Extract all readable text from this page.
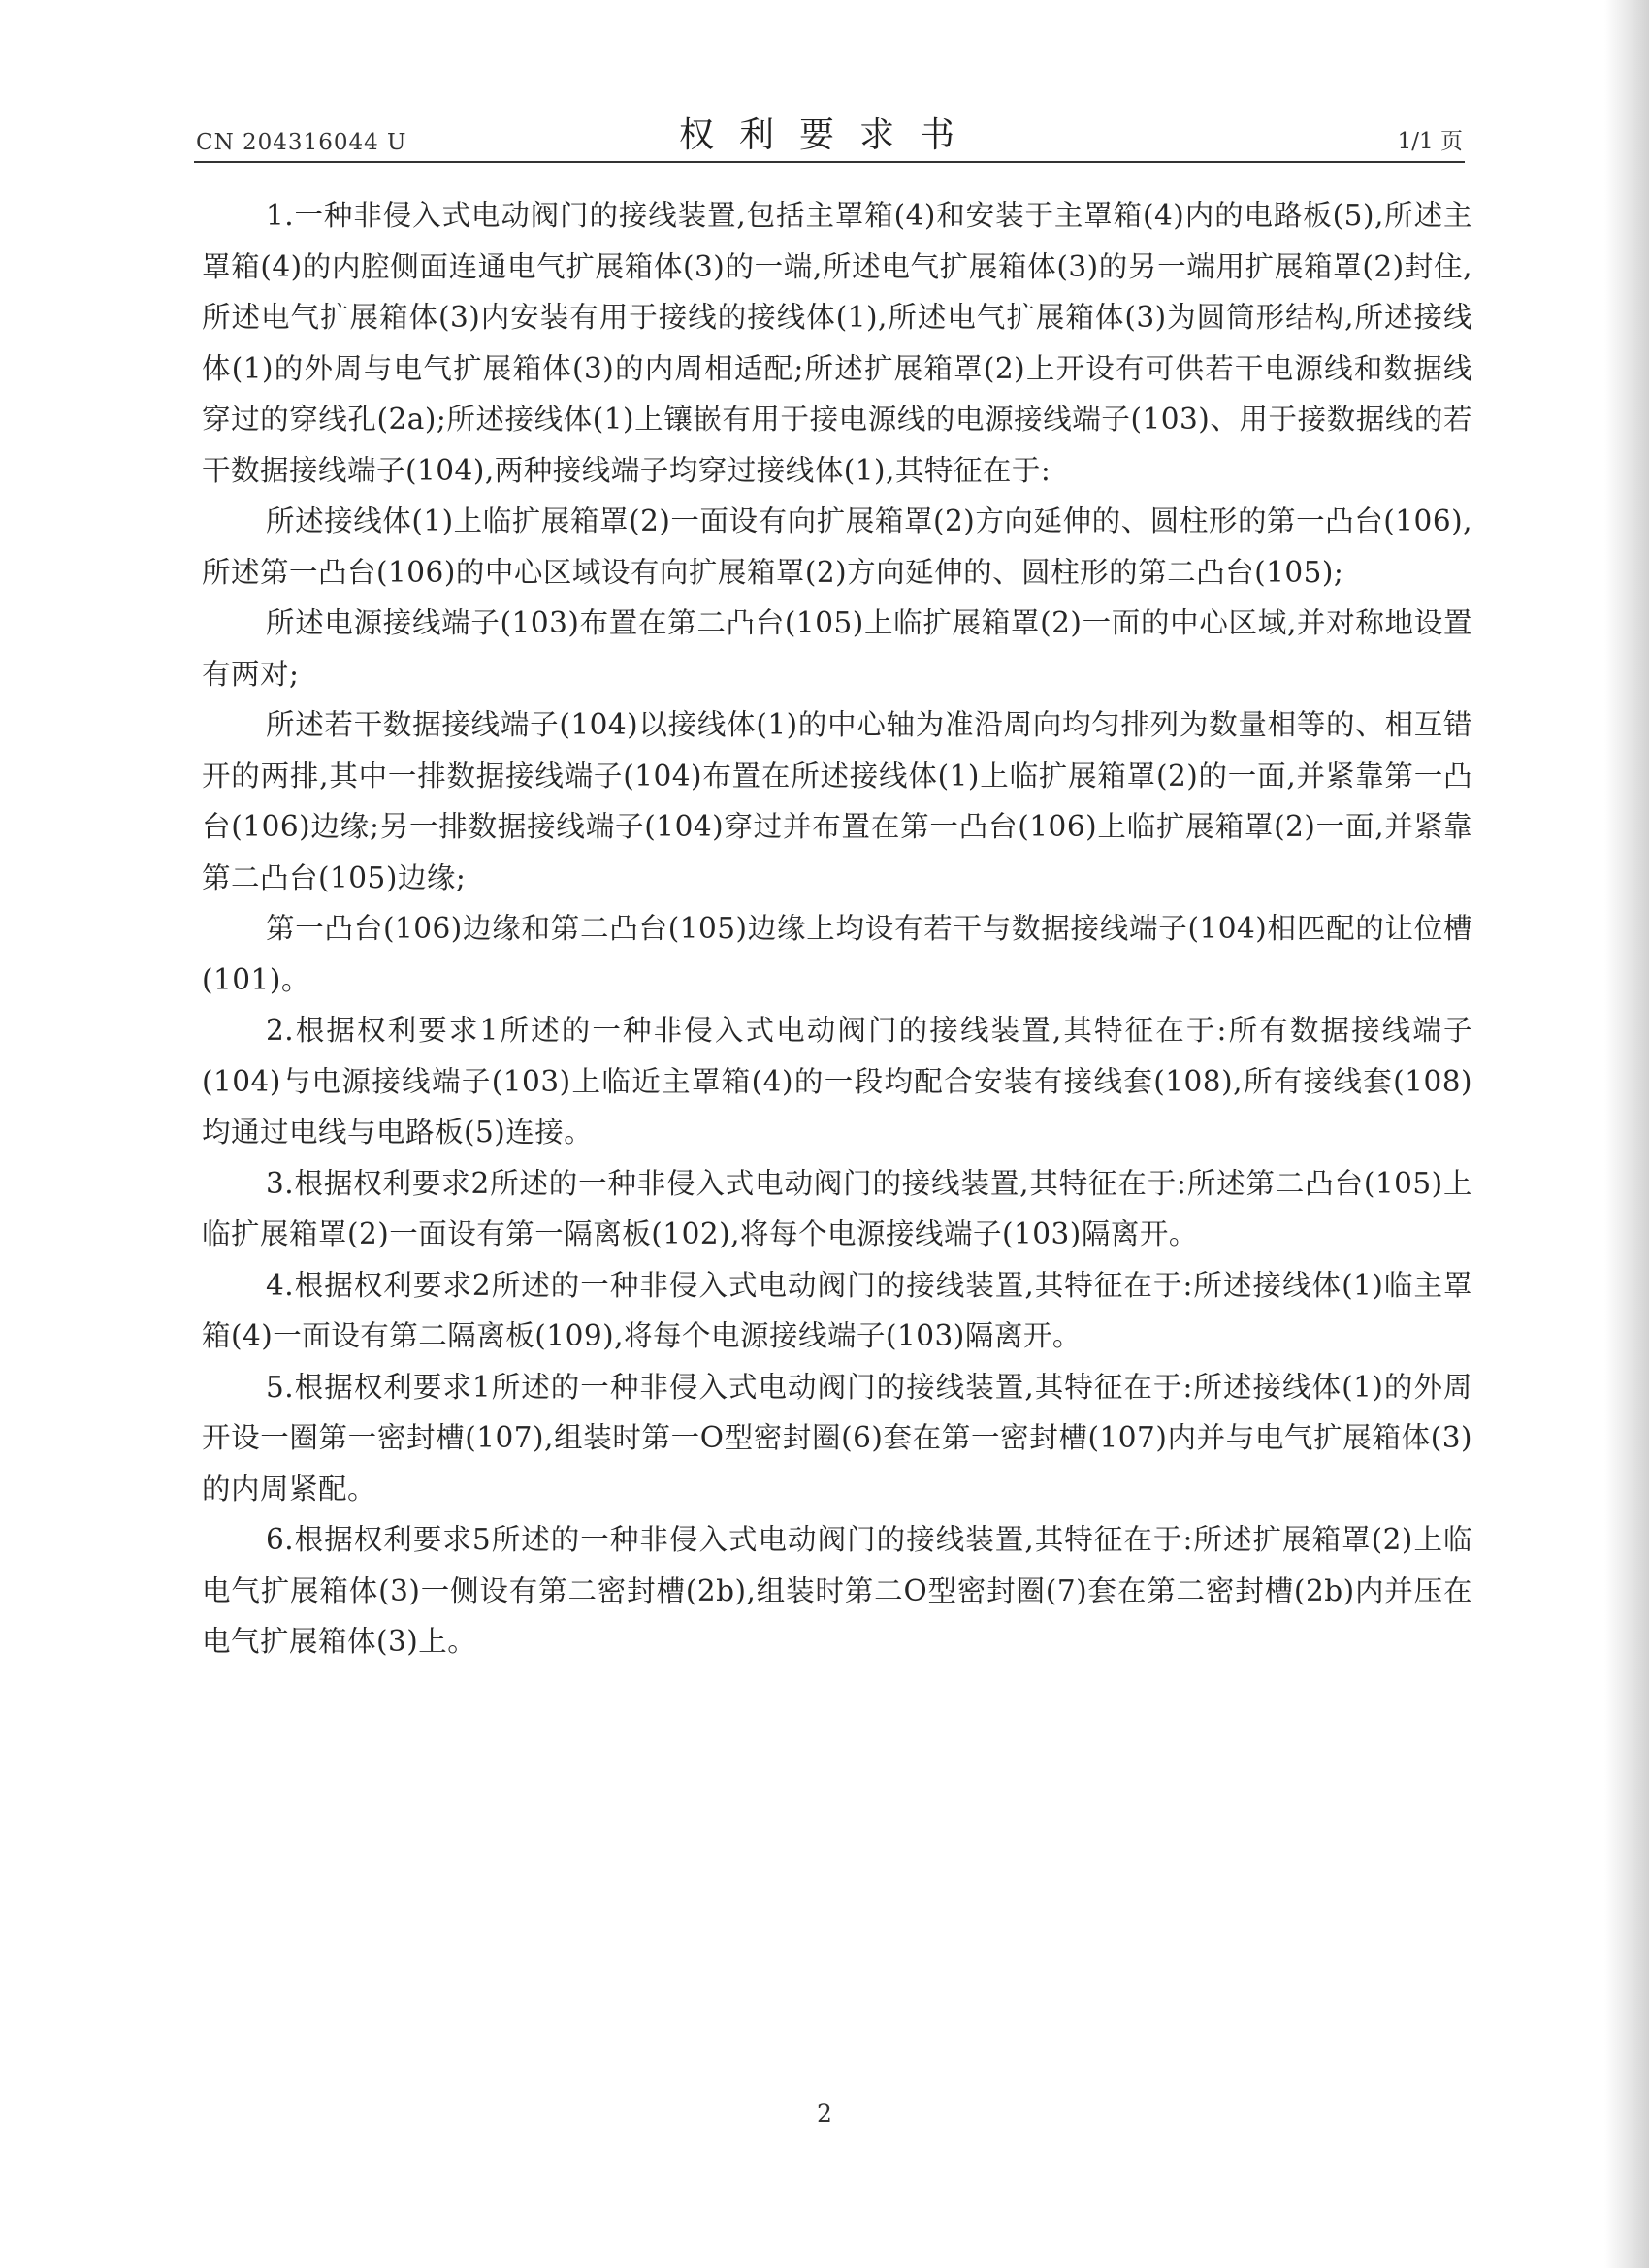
CN 204316044 U	权利要求书	1/1 页

1.一种非侵入式电动阀门的接线装置,包括主罩箱(4)和安装于主罩箱(4)内的电路板(5),所述主罩箱(4)的内腔侧面连通电气扩展箱体(3)的一端,所述电气扩展箱体(3)的另一端用扩展箱罩(2)封住,所述电气扩展箱体(3)内安装有用于接线的接线体(1),所述电气扩展箱体(3)为圆筒形结构,所述接线体(1)的外周与电气扩展箱体(3)的内周相适配;所述扩展箱罩(2)上开设有可供若干电源线和数据线穿过的穿线孔(2a);所述接线体(1)上镶嵌有用于接电源线的电源接线端子(103)、用于接数据线的若干数据接线端子(104),两种接线端子均穿过接线体(1),其特征在于:

所述接线体(1)上临扩展箱罩(2)一面设有向扩展箱罩(2)方向延伸的、圆柱形的第一凸台(106),所述第一凸台(106)的中心区域设有向扩展箱罩(2)方向延伸的、圆柱形的第二凸台(105);

所述电源接线端子(103)布置在第二凸台(105)上临扩展箱罩(2)一面的中心区域,并对称地设置有两对;

所述若干数据接线端子(104)以接线体(1)的中心轴为准沿周向均匀排列为数量相等的、相互错开的两排,其中一排数据接线端子(104)布置在所述接线体(1)上临扩展箱罩(2)的一面,并紧靠第一凸台(106)边缘;另一排数据接线端子(104)穿过并布置在第一凸台(106)上临扩展箱罩(2)一面,并紧靠第二凸台(105)边缘;

第一凸台(106)边缘和第二凸台(105)边缘上均设有若干与数据接线端子(104)相匹配的让位槽(101)。

2.根据权利要求1所述的一种非侵入式电动阀门的接线装置,其特征在于:所有数据接线端子(104)与电源接线端子(103)上临近主罩箱(4)的一段均配合安装有接线套(108),所有接线套(108)均通过电线与电路板(5)连接。

3.根据权利要求2所述的一种非侵入式电动阀门的接线装置,其特征在于:所述第二凸台(105)上临扩展箱罩(2)一面设有第一隔离板(102),将每个电源接线端子(103)隔离开。

4.根据权利要求2所述的一种非侵入式电动阀门的接线装置,其特征在于:所述接线体(1)临主罩箱(4)一面设有第二隔离板(109),将每个电源接线端子(103)隔离开。

5.根据权利要求1所述的一种非侵入式电动阀门的接线装置,其特征在于:所述接线体(1)的外周开设一圈第一密封槽(107),组装时第一O型密封圈(6)套在第一密封槽(107)内并与电气扩展箱体(3)的内周紧配。

6.根据权利要求5所述的一种非侵入式电动阀门的接线装置,其特征在于:所述扩展箱罩(2)上临电气扩展箱体(3)一侧设有第二密封槽(2b),组装时第二O型密封圈(7)套在第二密封槽(2b)内并压在电气扩展箱体(3)上。

2
